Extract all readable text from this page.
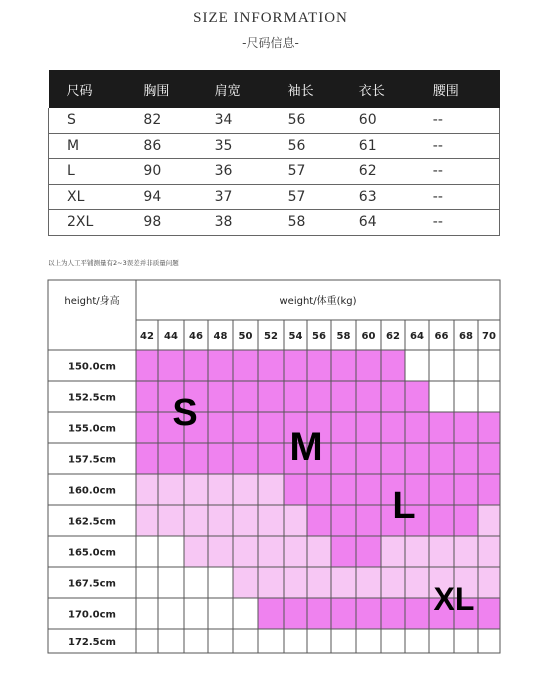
SIZE INFORMATION
-尺码信息-
尺码	胸围	肩宽	袖长	衣长	腰围
S	82	34	56	60	--
M	86	35	56	61	--
L	90	36	57	62	--
XL	94	37	57	63	--
2XL	98	38	58	64	--
以上为人工平铺测量有2~3误差并非质量问题
height/身高	weight/体重(kg)
42 44 46 48 50 52 54 56 58 60 62 64 66 68 70
150.0cm
152.5cm
155.0cm
157.5cm
160.0cm
162.5cm
165.0cm
167.5cm
170.0cm
172.5cm
S
M
L
XL
